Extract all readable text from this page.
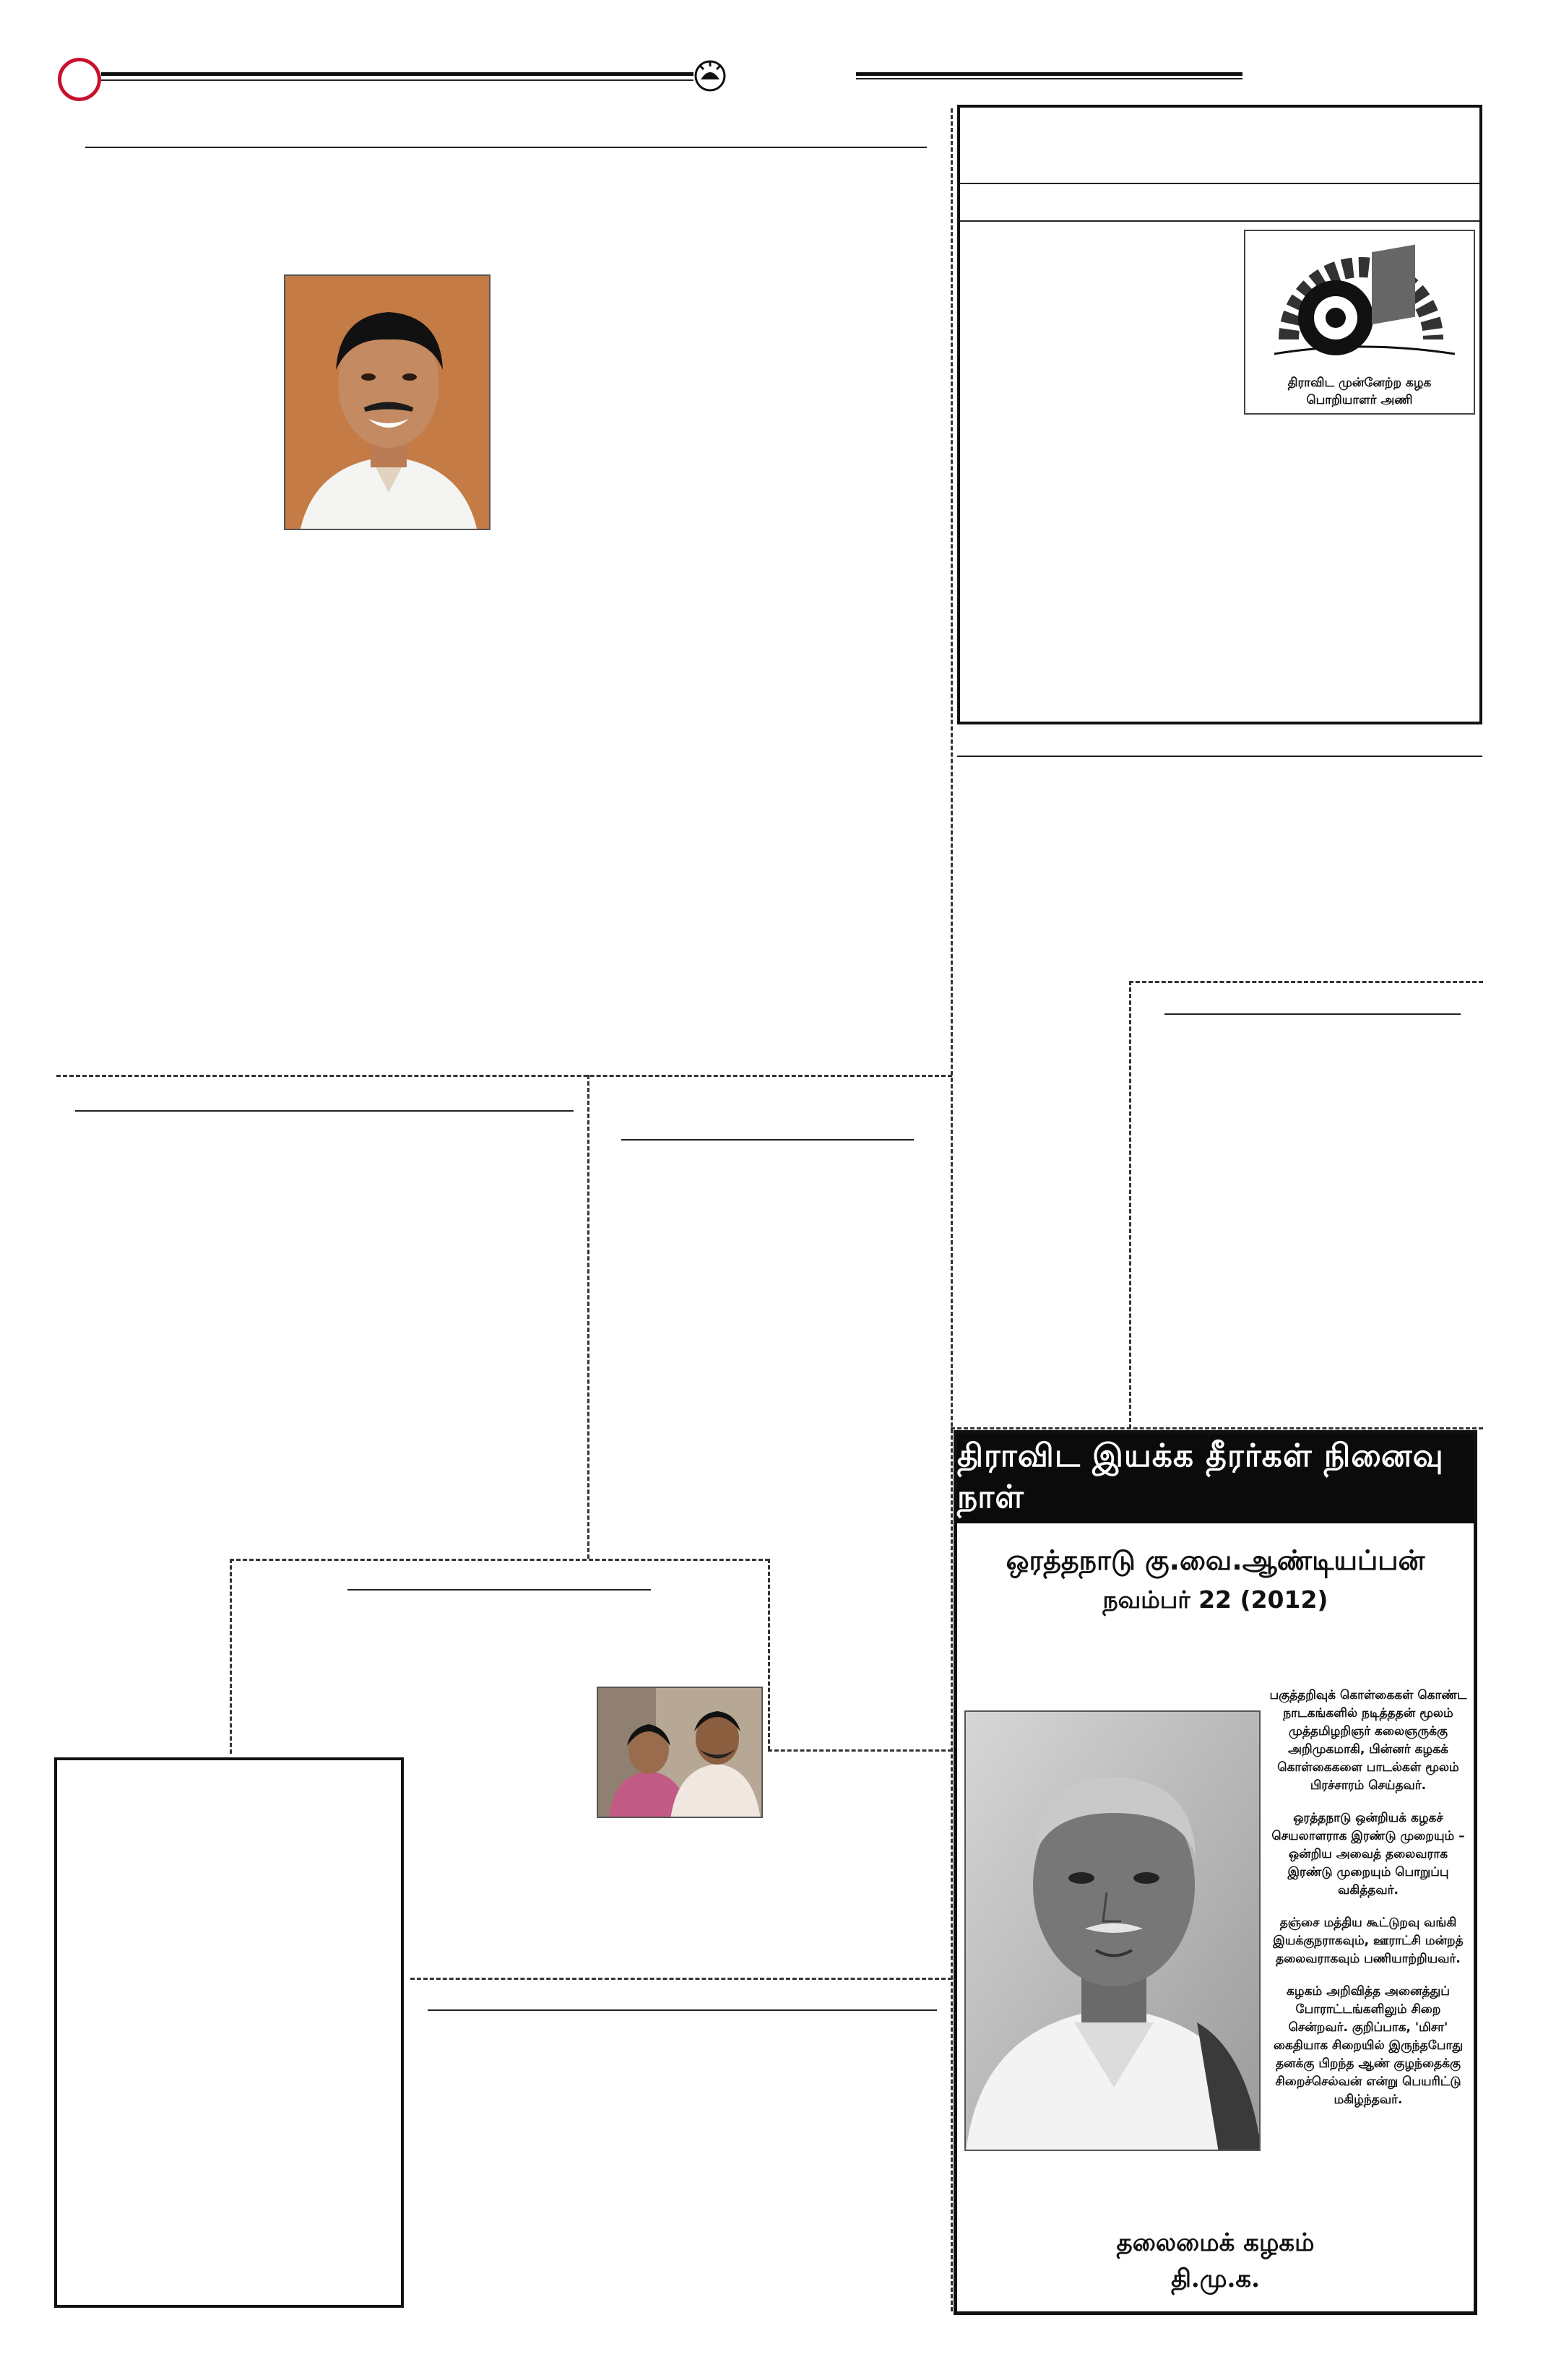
திராவிட முன்னேற்ற கழக
பொறியாளர் அணி
திராவிட இயக்க தீரர்கள் நினைவு நாள்
ஒரத்தநாடு கு.வை.ஆண்டியப்பன்
நவம்பர் 22 (2012)

பகுத்தறிவுக் கொள்கைகள் கொண்ட நாடகங்களில் நடித்ததன் மூலம் முத்தமிழறிஞர் கலைஞருக்கு அறிமுகமாகி, பின்னர் கழகக் கொள்கைகளை பாடல்கள் மூலம் பிரச்சாரம் செய்தவர்.

ஒரத்தநாடு ஒன்றியக் கழகச் செயலாளராக இரண்டு முறையும் – ஒன்றிய அவைத் தலைவராக இரண்டு முறையும் பொறுப்பு வகித்தவர்.

தஞ்சை மத்திய கூட்டுறவு வங்கி இயக்குநராகவும், ஊராட்சி மன்றத் தலைவராகவும் பணியாற்றியவர்.

கழகம் அறிவித்த அனைத்துப் போராட்டங்களிலும் சிறை சென்றவர். குறிப்பாக, 'மிசா' கைதியாக சிறையில் இருந்தபோது தனக்கு பிறந்த ஆண் குழந்தைக்கு சிறைச்செல்வன் என்று பெயரிட்டு மகிழ்ந்தவர்.

தலைமைக் கழகம்
தி.மு.க.
